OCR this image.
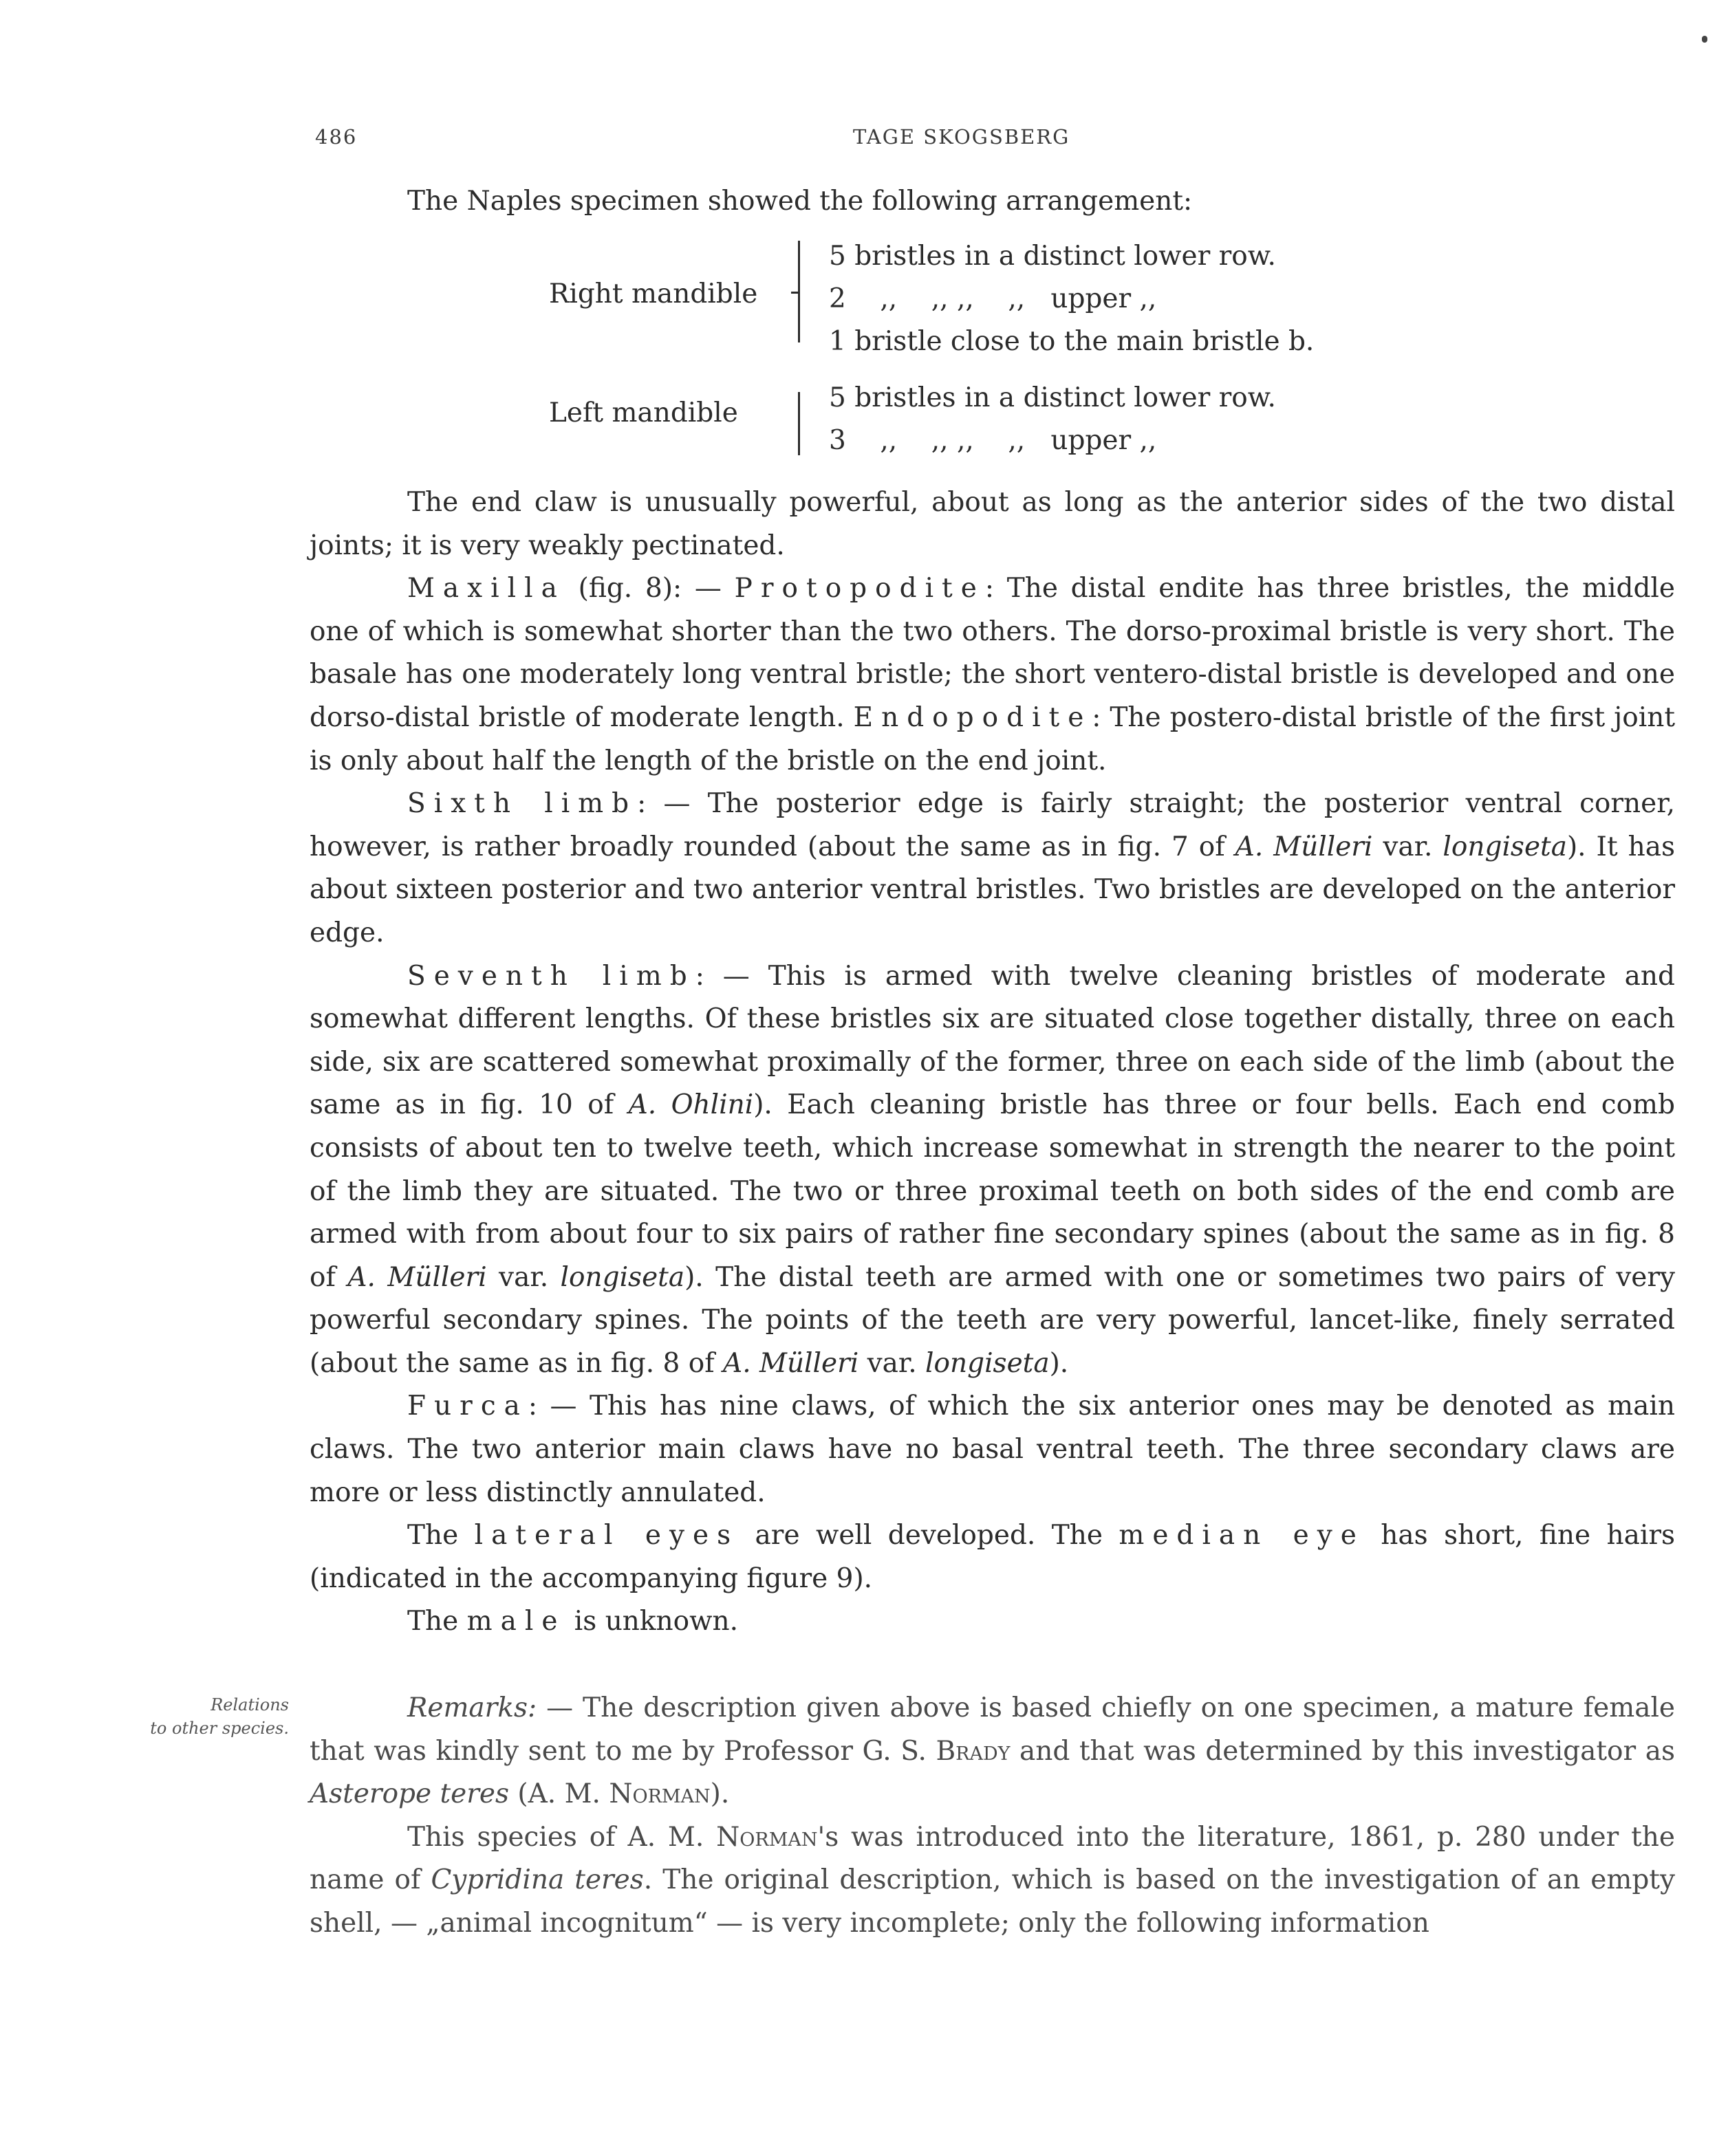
486	TAGE SKOGSBERG

The Naples specimen showed the following arrangement:

Right mandible
5 bristles in a distinct lower row.
2    ,,    ,, ,,    ,,   upper ,,
1 bristle close to the main bristle b.
Left mandible	5 bristles in a distinct lower row.
3    ,,    ,, ,,    ,,   upper ,,

The end claw is unusually powerful, about as long as the anterior sides of the two distal joints; it is very weakly pectinated.

Maxilla (fig. 8): — Protopodite: The distal endite has three bristles, the middle one of which is somewhat shorter than the two others. The dorso-proximal bristle is very short. The basale has one moderately long ventral bristle; the short ventero-distal bristle is developed and one dorso-distal bristle of moderate length. Endopodite: The postero-distal bristle of the first joint is only about half the length of the bristle on the end joint.

Sixth limb: — The posterior edge is fairly straight; the posterior ventral corner, however, is rather broadly rounded (about the same as in fig. 7 of A. Mülleri var. longiseta). It has about sixteen posterior and two anterior ventral bristles. Two bristles are developed on the anterior edge.

Seventh limb: — This is armed with twelve cleaning bristles of moderate and somewhat different lengths. Of these bristles six are situated close together distally, three on each side, six are scattered somewhat proximally of the former, three on each side of the limb (about the same as in fig. 10 of A. Ohlini). Each cleaning bristle has three or four bells. Each end comb consists of about ten to twelve teeth, which increase somewhat in strength the nearer to the point of the limb they are situated. The two or three proximal teeth on both sides of the end comb are armed with from about four to six pairs of rather fine secondary spines (about the same as in fig. 8 of A. Mülleri var. longiseta). The distal teeth are armed with one or sometimes two pairs of very powerful secondary spines. The points of the teeth are very powerful, lancet-like, finely serrated (about the same as in fig. 8 of A. Mülleri var. longiseta).

Furca: — This has nine claws, of which the six anterior ones may be denoted as main claws. The two anterior main claws have no basal ventral teeth. The three secondary claws are more or less distinctly annulated.

The lateral eyes are well developed. The median eye has short, fine hairs (indicated in the accompanying figure 9).

The male is unknown.

Relations
to other species.

Remarks: — The description given above is based chiefly on one specimen, a mature female that was kindly sent to me by Professor G. S. Brady and that was determined by this investigator as Asterope teres (A. M. Norman).

This species of A. M. Norman's was introduced into the literature, 1861, p. 280 under the name of Cypridina teres. The original description, which is based on the investigation of an empty shell, — „animal incognitum“ — is very incomplete; only the following information
